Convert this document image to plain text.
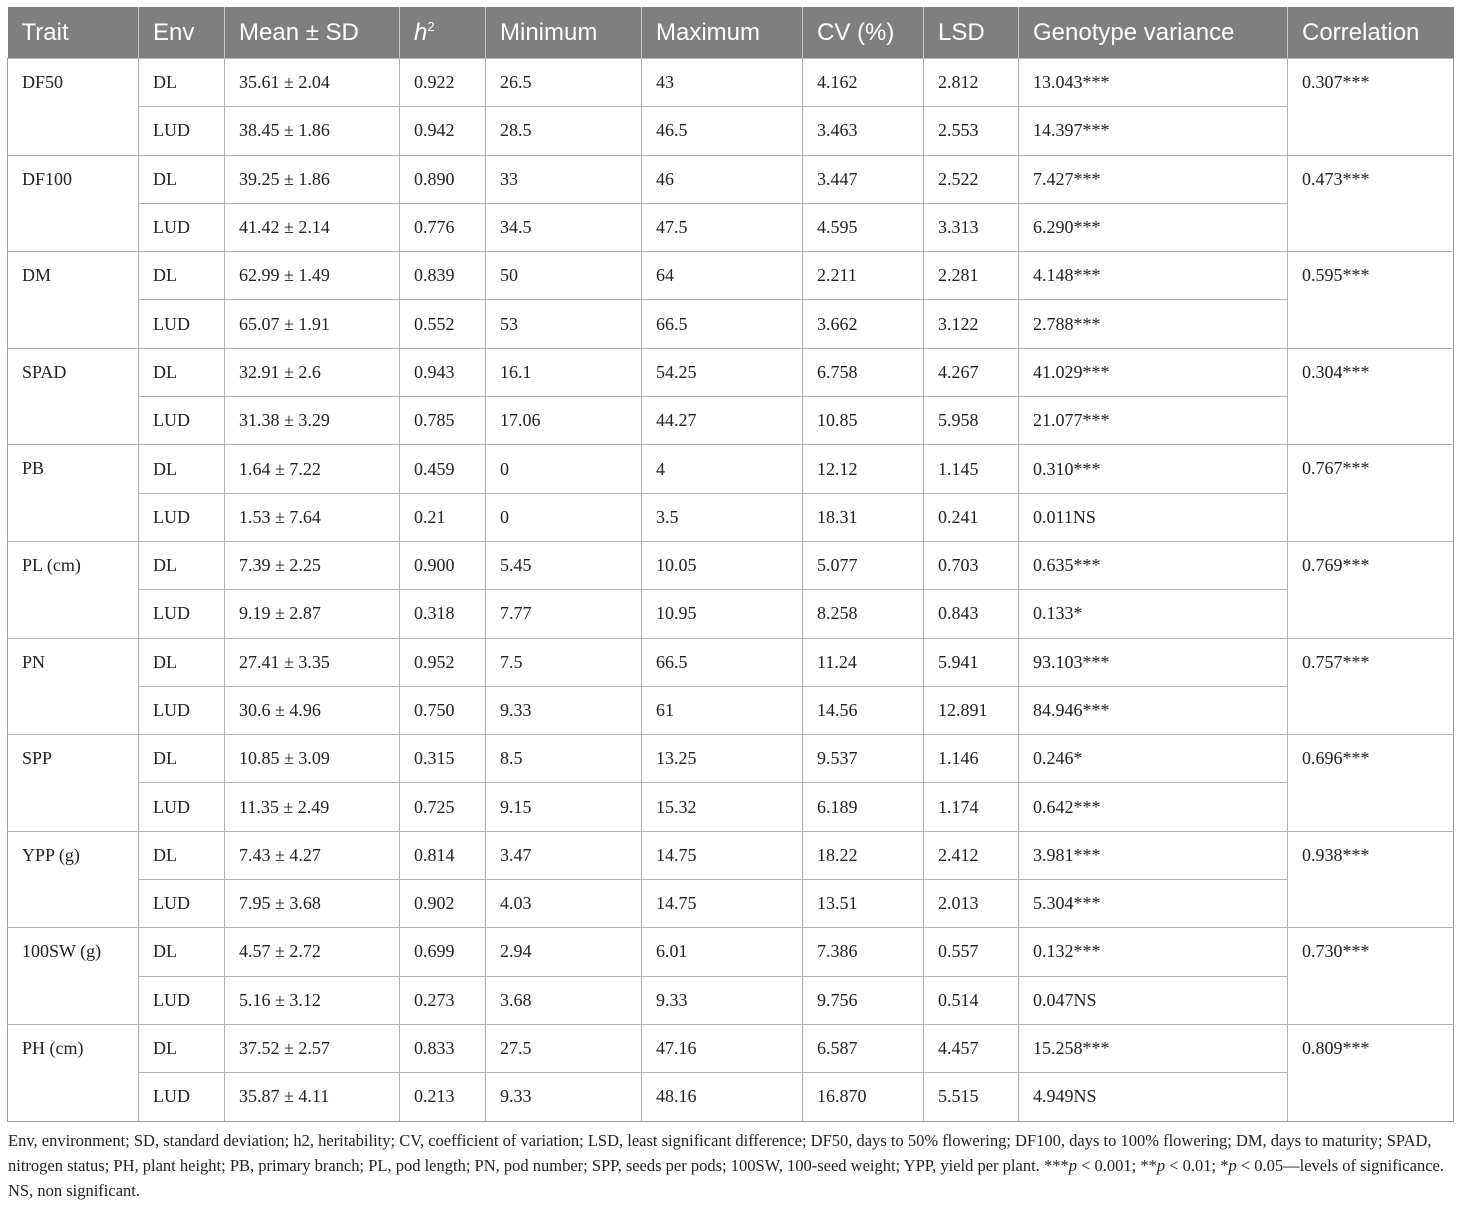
Trait	Env	Mean ± SD	$h^2$	Minimum	Maximum	CV (%)	LSD	Genotype variance	Correlation
DF50	DL	35.61 ± 2.04	0.922	26.5	43	4.162	2.812	13.043***	0.307***
	LUD	38.45 ± 1.86	0.942	28.5	46.5	3.463	2.553	14.397***	
DF100	DL	39.25 ± 1.86	0.890	33	46	3.447	2.522	7.427***	0.473***
	LUD	41.42 ± 2.14	0.776	34.5	47.5	4.595	3.313	6.290***	
DM	DL	62.99 ± 1.49	0.839	50	64	2.211	2.281	4.148***	0.595***
	LUD	65.07 ± 1.91	0.552	53	66.5	3.662	3.122	2.788***	
SPAD	DL	32.91 ± 2.6	0.943	16.1	54.25	6.758	4.267	41.029***	0.304***
	LUD	31.38 ± 3.29	0.785	17.06	44.27	10.85	5.958	21.077***	
PB	DL	1.64 ± 7.22	0.459	0	4	12.12	1.145	0.310***	0.767***
	LUD	1.53 ± 7.64	0.21	0	3.5	18.31	0.241	0.011NS	
PL (cm)	DL	7.39 ± 2.25	0.900	5.45	10.05	5.077	0.703	0.635***	0.769***
	LUD	9.19 ± 2.87	0.318	7.77	10.95	8.258	0.843	0.133*	
PN	DL	27.41 ± 3.35	0.952	7.5	66.5	11.24	5.941	93.103***	0.757***
	LUD	30.6 ± 4.96	0.750	9.33	61	14.56	12.891	84.946***	
SPP	DL	10.85 ± 3.09	0.315	8.5	13.25	9.537	1.146	0.246*	0.696***
	LUD	11.35 ± 2.49	0.725	9.15	15.32	6.189	1.174	0.642***	
YPP (g)	DL	7.43 ± 4.27	0.814	3.47	14.75	18.22	2.412	3.981***	0.938***
	LUD	7.95 ± 3.68	0.902	4.03	14.75	13.51	2.013	5.304***	
100SW (g)	DL	4.57 ± 2.72	0.699	2.94	6.01	7.386	0.557	0.132***	0.730***
	LUD	5.16 ± 3.12	0.273	3.68	9.33	9.756	0.514	0.047NS	
PH (cm)	DL	37.52 ± 2.57	0.833	27.5	47.16	6.587	4.457	15.258***	0.809***
	LUD	35.87 ± 4.11	0.213	9.33	48.16	16.870	5.515	4.949NS	

Env, environment; SD, standard deviation; h2, heritability; CV, coefficient of variation; LSD, least significant difference; DF50, days to 50% flowering; DF100, days to 100% flowering; DM, days to maturity; SPAD, nitrogen status; PH, plant height; PB, primary branch; PL, pod length; PN, pod number; SPP, seeds per pods; 100SW, 100-seed weight; YPP, yield per plant. ***p < 0.001; **p < 0.01; *p < 0.05—levels of significance. NS, non significant.
